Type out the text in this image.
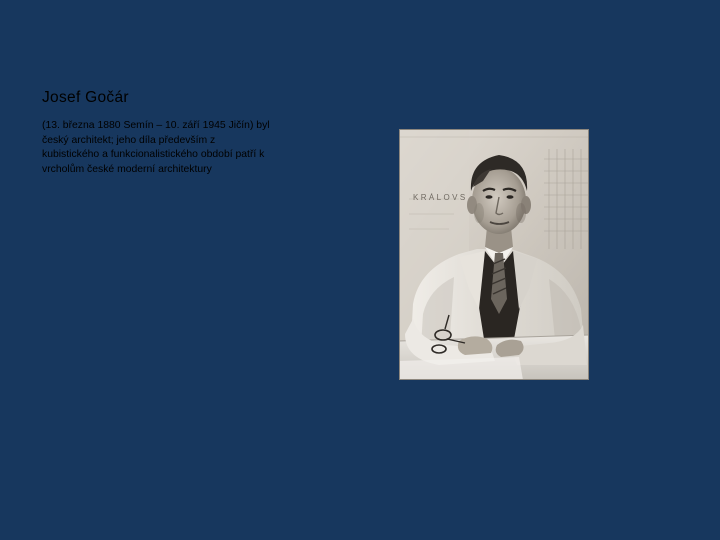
Josef Gočár

(13. března 1880 Semín – 10. září 1945 Jičín) byl český architekt; jeho díla především z kubistického a funkcionalistického období patří k vrcholům české moderní architektury

KRÁLOVS
